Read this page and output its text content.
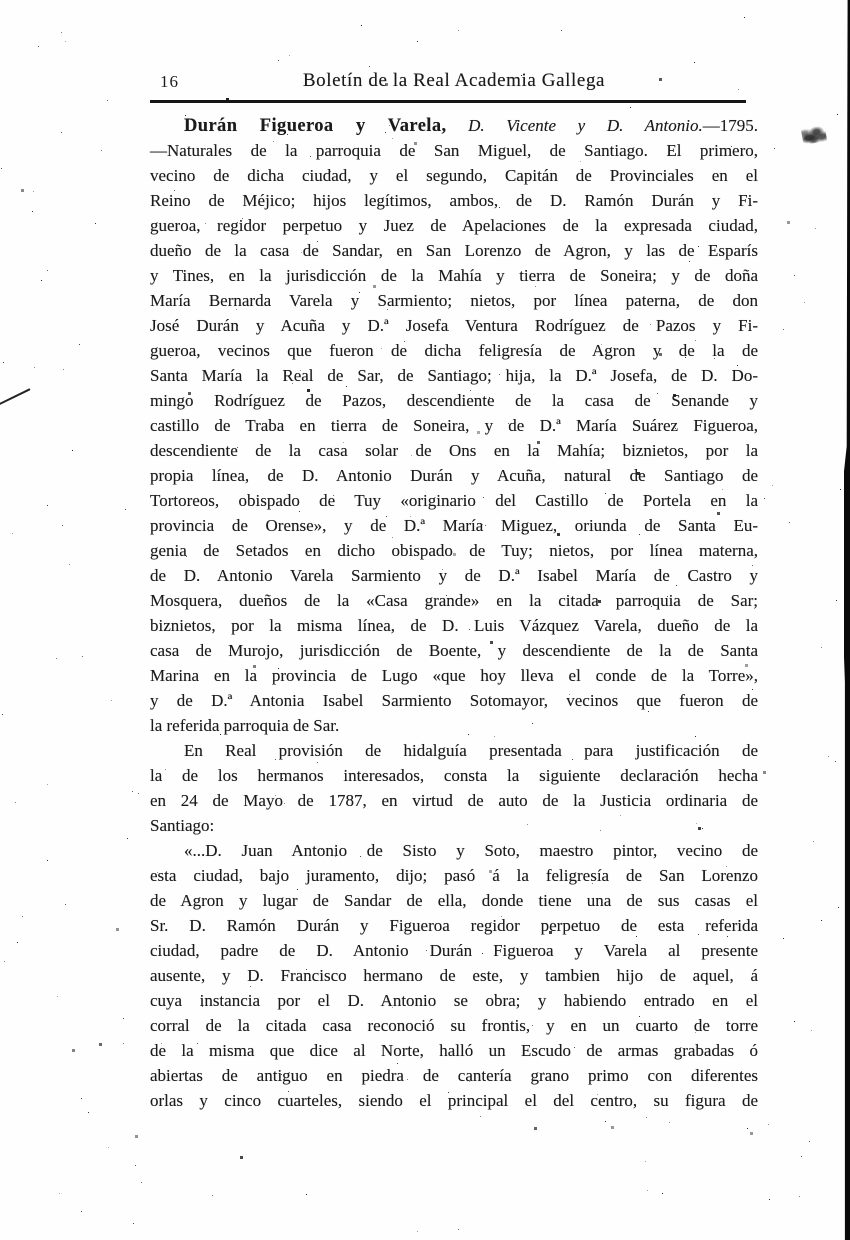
16	Boletín de la Real Academia Gallega
Durán Figueroa y Varela, D. Vicente y D. Antonio.—1795.
—Naturales de la parroquia de San Miguel, de Santiago. El primero,
vecino de dicha ciudad, y el segundo, Capitán de Provinciales en el
Reino de Méjico; hijos legítimos, ambos, de D. Ramón Durán y Fi-
gueroa, regidor perpetuo y Juez de Apelaciones de la expresada ciudad,
dueño de la casa de Sandar, en San Lorenzo de Agron, y las de Esparís
y Tines, en la jurisdicción de la Mahía y tierra de Soneira; y de doña
María Bernarda Varela y Sarmiento; nietos, por línea paterna, de don
José Durán y Acuña y D.ª Josefa Ventura Rodríguez de Pazos y Fi-
gueroa, vecinos que fueron de dicha feligresía de Agron y de la de
Santa María la Real de Sar, de Santiago; hija, la D.ª Josefa, de D. Do-
mingo Rodríguez de Pazos, descendiente de la casa de Senande y
castillo de Traba en tierra de Soneira, y de D.ª María Suárez Figueroa,
descendiente de la casa solar de Ons en la Mahía; biznietos, por la
propia línea, de D. Antonio Durán y Acuña, natural de Santiago de
Tortoreos, obispado de Tuy «originario del Castillo de Portela en la
provincia de Orense», y de D.ª María Miguez, oriunda de Santa Eu-
genia de Setados en dicho obispado de Tuy; nietos, por línea materna,
de D. Antonio Varela Sarmiento y de D.ª Isabel María de Castro y
Mosquera, dueños de la «Casa grande» en la citada parroquia de Sar;
biznietos, por la misma línea, de D. Luis Vázquez Varela, dueño de la
casa de Murojo, jurisdicción de Boente, y descendiente de la de Santa
Marina en la provincia de Lugo «que hoy lleva el conde de la Torre»,
y de D.ª Antonia Isabel Sarmiento Sotomayor, vecinos que fueron de
la referida parroquia de Sar.
En Real provisión de hidalguía presentada para justificación de
la de los hermanos interesados, consta la siguiente declaración hecha
en 24 de Mayo de 1787, en virtud de auto de la Justicia ordinaria de
Santiago:
«...D. Juan Antonio de Sisto y Soto, maestro pintor, vecino de
esta ciudad, bajo juramento, dijo; pasó á la feligresía de San Lorenzo
de Agron y lugar de Sandar de ella, donde tiene una de sus casas el
Sr. D. Ramón Durán y Figueroa regidor perpetuo de esta referida
ciudad, padre de D. Antonio Durán Figueroa y Varela al presente
ausente, y D. Francisco hermano de este, y tambien hijo de aquel, á
cuya instancia por el D. Antonio se obra; y habiendo entrado en el
corral de la citada casa reconoció su frontis, y en un cuarto de torre
de la misma que dice al Norte, halló un Escudo de armas grabadas ó
abiertas de antiguo en piedra de cantería grano primo con diferentes
orlas y cinco cuarteles, siendo el principal el del centro, su figura de
